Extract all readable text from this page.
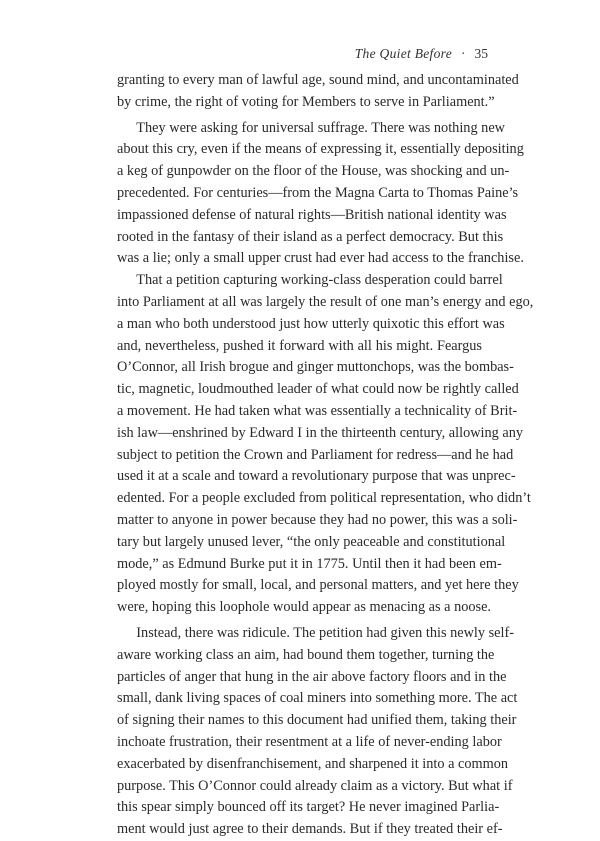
The Quiet Before · 35
granting to every man of lawful age, sound mind, and uncontaminated
by crime, the right of voting for Members to serve in Parliament.”
They were asking for universal suffrage. There was nothing new
about this cry, even if the means of expressing it, essentially depositing
a keg of gunpowder on the floor of the House, was shocking and un-
precedented. For centuries—from the Magna Carta to Thomas Paine’s
impassioned defense of natural rights—British national identity was
rooted in the fantasy of their island as a perfect democracy. But this
was a lie; only a small upper crust had ever had access to the franchise.
That a petition capturing working-class desperation could barrel
into Parliament at all was largely the result of one man’s energy and ego,
a man who both understood just how utterly quixotic this effort was
and, nevertheless, pushed it forward with all his might. Feargus
O’Connor, all Irish brogue and ginger muttonchops, was the bombas-
tic, magnetic, loudmouthed leader of what could now be rightly called
a movement. He had taken what was essentially a technicality of Brit-
ish law—enshrined by Edward I in the thirteenth century, allowing any
subject to petition the Crown and Parliament for redress—and he had
used it at a scale and toward a revolutionary purpose that was unprec-
edented. For a people excluded from political representation, who didn’t
matter to anyone in power because they had no power, this was a soli-
tary but largely unused lever, “the only peaceable and constitutional
mode,” as Edmund Burke put it in 1775. Until then it had been em-
ployed mostly for small, local, and personal matters, and yet here they
were, hoping this loophole would appear as menacing as a noose.
Instead, there was ridicule. The petition had given this newly self-
aware working class an aim, had bound them together, turning the
particles of anger that hung in the air above factory floors and in the
small, dank living spaces of coal miners into something more. The act
of signing their names to this document had unified them, taking their
inchoate frustration, their resentment at a life of never-ending labor
exacerbated by disenfranchisement, and sharpened it into a common
purpose. This O’Connor could already claim as a victory. But what if
this spear simply bounced off its target? He never imagined Parlia-
ment would just agree to their demands. But if they treated their ef-
